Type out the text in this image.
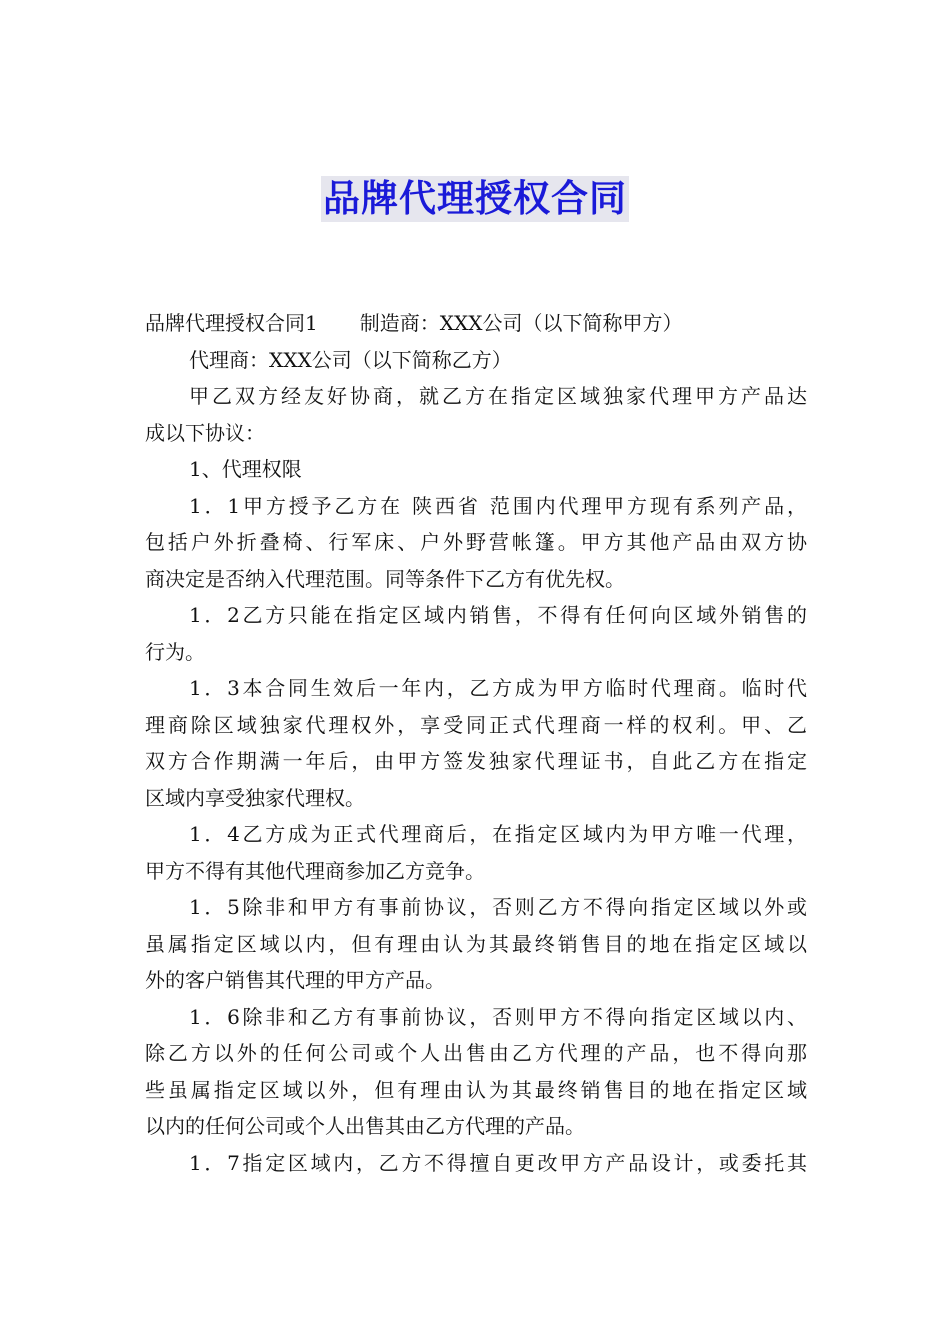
品牌代理授权合同
品牌代理授权合同1 制造商：XXX公司（以下简称甲方）
代理商：XXX公司（以下简称乙方）
甲乙双方经友好协商，就乙方在指定区域独家代理甲方产品达
成以下协议：
1、代理权限
1．1甲方授予乙方在 陕西省 范围内代理甲方现有系列产品，
包括户外折叠椅、行军床、户外野营帐篷。甲方其他产品由双方协
商决定是否纳入代理范围。同等条件下乙方有优先权。
1．2乙方只能在指定区域内销售，不得有任何向区域外销售的
行为。
1．3本合同生效后一年内，乙方成为甲方临时代理商。临时代
理商除区域独家代理权外，享受同正式代理商一样的权利。甲、乙
双方合作期满一年后，由甲方签发独家代理证书，自此乙方在指定
区域内享受独家代理权。
1．4乙方成为正式代理商后，在指定区域内为甲方唯一代理，
甲方不得有其他代理商参加乙方竞争。
1．5除非和甲方有事前协议，否则乙方不得向指定区域以外或
虽属指定区域以内，但有理由认为其最终销售目的地在指定区域以
外的客户销售其代理的甲方产品。
1．6除非和乙方有事前协议，否则甲方不得向指定区域以内、
除乙方以外的任何公司或个人出售由乙方代理的产品，也不得向那
些虽属指定区域以外，但有理由认为其最终销售目的地在指定区域
以内的任何公司或个人出售其由乙方代理的产品。
1．7指定区域内，乙方不得擅自更改甲方产品设计，或委托其
